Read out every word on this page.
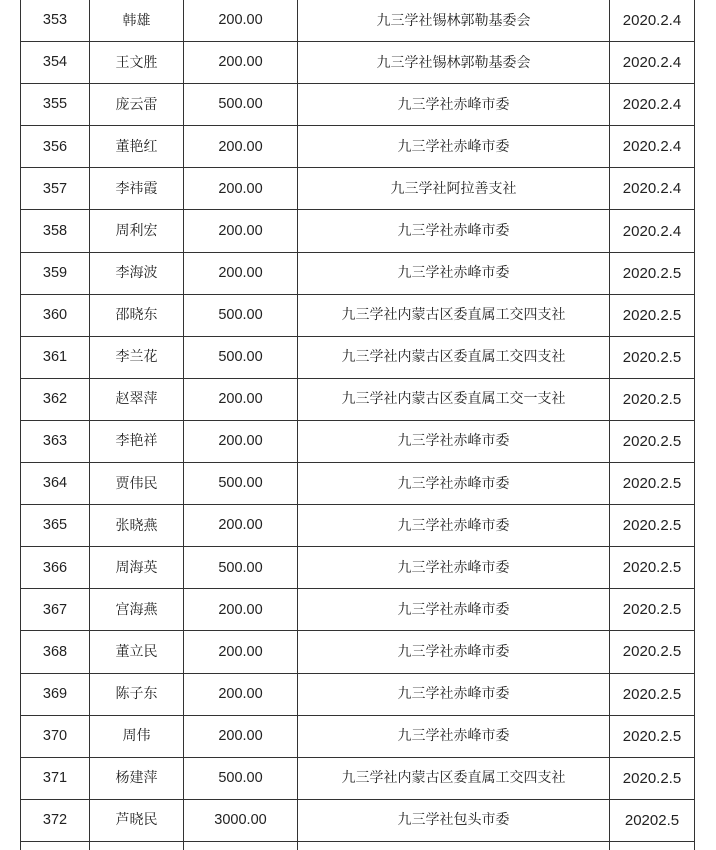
353	韩雄	200.00	九三学社锡林郭勒基委会	2020.2.4
354	王文胜	200.00	九三学社锡林郭勒基委会	2020.2.4
355	庞云雷	500.00	九三学社赤峰市委	2020.2.4
356	董艳红	200.00	九三学社赤峰市委	2020.2.4
357	李祎霞	200.00	九三学社阿拉善支社	2020.2.4
358	周利宏	200.00	九三学社赤峰市委	2020.2.4
359	李海波	200.00	九三学社赤峰市委	2020.2.5
360	邵晓东	500.00	九三学社内蒙古区委直属工交四支社	2020.2.5
361	李兰花	500.00	九三学社内蒙古区委直属工交四支社	2020.2.5
362	赵翠萍	200.00	九三学社内蒙古区委直属工交一支社	2020.2.5
363	李艳祥	200.00	九三学社赤峰市委	2020.2.5
364	贾伟民	500.00	九三学社赤峰市委	2020.2.5
365	张晓燕	200.00	九三学社赤峰市委	2020.2.5
366	周海英	500.00	九三学社赤峰市委	2020.2.5
367	宫海燕	200.00	九三学社赤峰市委	2020.2.5
368	董立民	200.00	九三学社赤峰市委	2020.2.5
369	陈子东	200.00	九三学社赤峰市委	2020.2.5
370	周伟	200.00	九三学社赤峰市委	2020.2.5
371	杨建萍	500.00	九三学社内蒙古区委直属工交四支社	2020.2.5
372	芦晓民	3000.00	九三学社包头市委	20202.5
